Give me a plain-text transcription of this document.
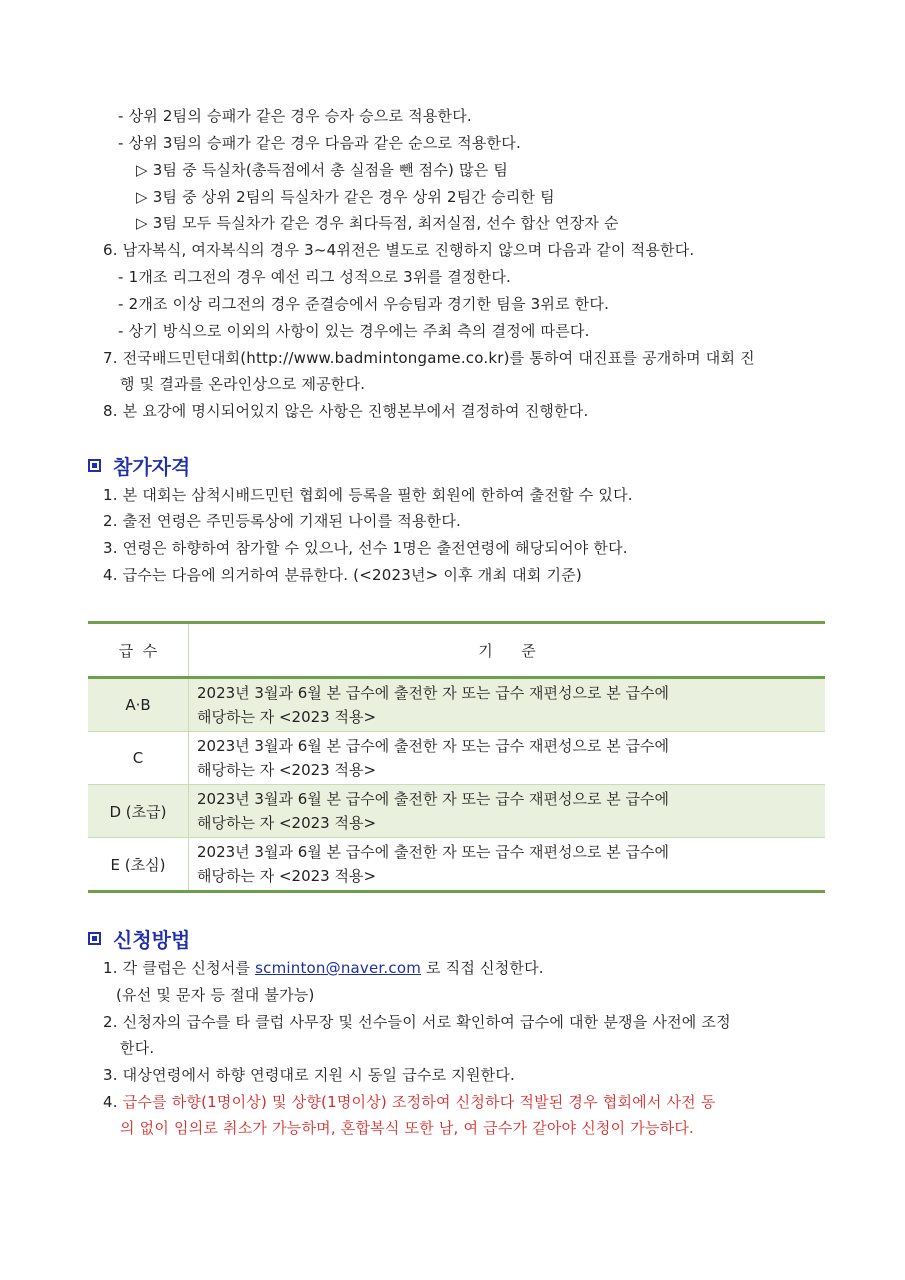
- 상위 2팀의 승패가 같은 경우 승자 승으로 적용한다.
- 상위 3팀의 승패가 같은 경우 다음과 같은 순으로 적용한다.
▷ 3팀 중 득실차(총득점에서 총 실점을 뺀 점수) 많은 팀
▷ 3팀 중 상위 2팀의 득실차가 같은 경우 상위 2팀간 승리한 팀
▷ 3팀 모두 득실차가 같은 경우 최다득점, 최저실점, 선수 합산 연장자 순
6. 남자복식, 여자복식의 경우 3~4위전은 별도로 진행하지 않으며 다음과 같이 적용한다.
- 1개조 리그전의 경우 예선 리그 성적으로 3위를 결정한다.
- 2개조 이상 리그전의 경우 준결승에서 우승팀과 경기한 팀을 3위로 한다.
- 상기 방식으로 이외의 사항이 있는 경우에는 주최 측의 결정에 따른다.
7. 전국배드민턴대회(http://www.badmintongame.co.kr)를 통하여 대진표를 공개하며 대회 진
행 및 결과를 온라인상으로 제공한다.
8. 본 요강에 명시되어있지 않은 사항은 진행본부에서 결정하여 진행한다.
참가자격
1. 본 대회는 삼척시배드민턴 협회에 등록을 필한 회원에 한하여 출전할 수 있다.
2. 출전 연령은 주민등록상에 기재된 나이를 적용한다.
3. 연령은 하향하여 참가할 수 있으나, 선수 1명은 출전연령에 해당되어야 한다.
4. 급수는 다음에 의거하여 분류한다. (<2023년> 이후 개최 대회 기준)
급  수	기      준
A·B	2023년 3월과 6월 본 급수에 출전한 자 또는 급수 재편성으로 본 급수에
해당하는 자 <2023 적용>

C	2023년 3월과 6월 본 급수에 출전한 자 또는 급수 재편성으로 본 급수에
해당하는 자 <2023 적용>

D (초급)	2023년 3월과 6월 본 급수에 출전한 자 또는 급수 재편성으로 본 급수에
해당하는 자 <2023 적용>

E (초심)	2023년 3월과 6월 본 급수에 출전한 자 또는 급수 재편성으로 본 급수에
해당하는 자 <2023 적용>
신청방법
1. 각 클럽은 신청서를 scminton@naver.com 로 직접 신청한다.
(유선 및 문자 등 절대 불가능)
2. 신청자의 급수를 타 클럽 사무장 및 선수들이 서로 확인하여 급수에 대한 분쟁을 사전에 조정
한다.
3. 대상연령에서 하향 연령대로 지원 시 동일 급수로 지원한다.
4. 급수를 하향(1명이상) 및 상향(1명이상) 조정하여 신청하다 적발된 경우 협회에서 사전 동
의 없이 임의로 취소가 가능하며, 혼합복식 또한 남, 여 급수가 같아야 신청이 가능하다.
